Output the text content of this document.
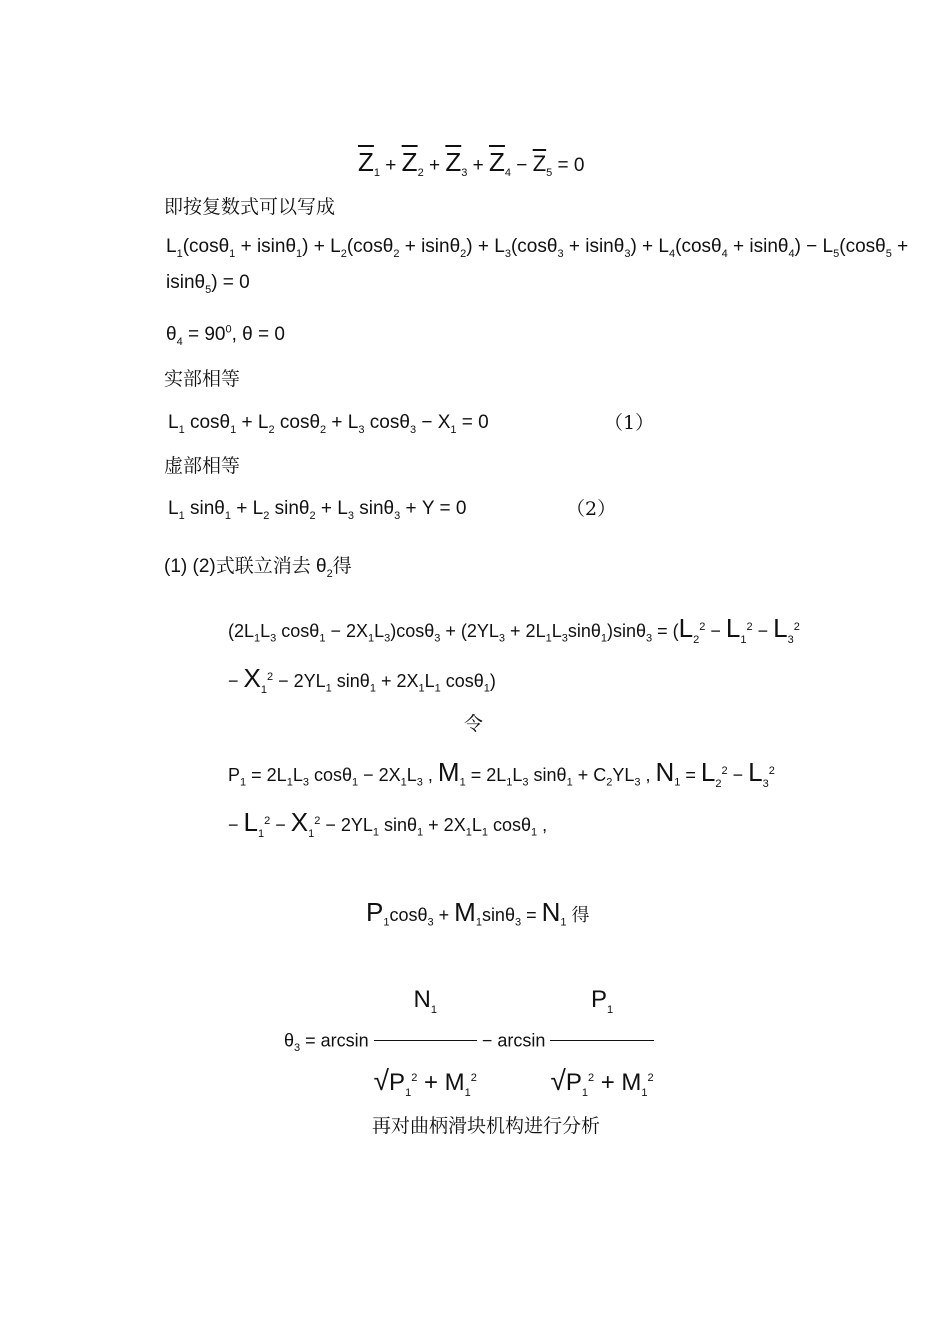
$\overline{Z}_1 + \overline{Z}_2 + \overline{Z}_3 + \overline{Z}_4 - \overline{Z}_5 = 0$
即按复数式可以写成
$L_1(\cos\theta_1 + isin\theta_1) + L_2(\cos\theta_2 + isin\theta_2) + L_3(\cos\theta_3 + isin\theta_3) + L_4(\cos\theta_4 + isin\theta_4) - L_5(\cos\theta_5$ +
isinθ$_5$) = 0
$\theta_4 = 90^0$, θ = 0
实部相等
$L_1$ $\cos\theta_1 + L_2$ $\cos\theta_2 + L_3$ $\cos\theta_3 - X_1 = 0$	（1）
虚部相等
$L_1$ $\sin\theta_1 + L_2$ $\sin\theta_2 + L_3$ sinθ$_3$ + Y = 0	（2）
(1) (2)式联立消去 $\theta_2$得
($2L_1L_3$ $\cos\theta_1 - 2X_1L_3)\cos\theta_3 + (2YL_3 + 2L_1L_3\sin\theta_1)\sin\theta_3 = (L_2^2 - L_1^2 - L_3^2$
− $X_1^2 - 2YL_1$ $\sin\theta_1 + 2X_1L_1$ cosθ$_1$)
令
$P_1 = 2L_1L_3$ $\cos\theta_1 - 2X_1L_3$ , $M_1 = 2L_1L_3$ $\sin\theta_1 + C_2YL_3$ , $N_1 = L_2^2 - L_3^2$
− $L_1^2 - X_1^2 - 2YL_1$ $\sin\theta_1 + 2X_1L_1$ cosθ$_1$ ,
$P_1\cos\theta_3 + M_1\sin\theta_3 = N_1$ 得
$\theta_3 = \arcsin \frac{N_1}{√P_1^2 + M_1^2} - \arcsin \frac{P_1}{√P_1^2 + M_1^2}$
再对曲柄滑块机构进行分析
